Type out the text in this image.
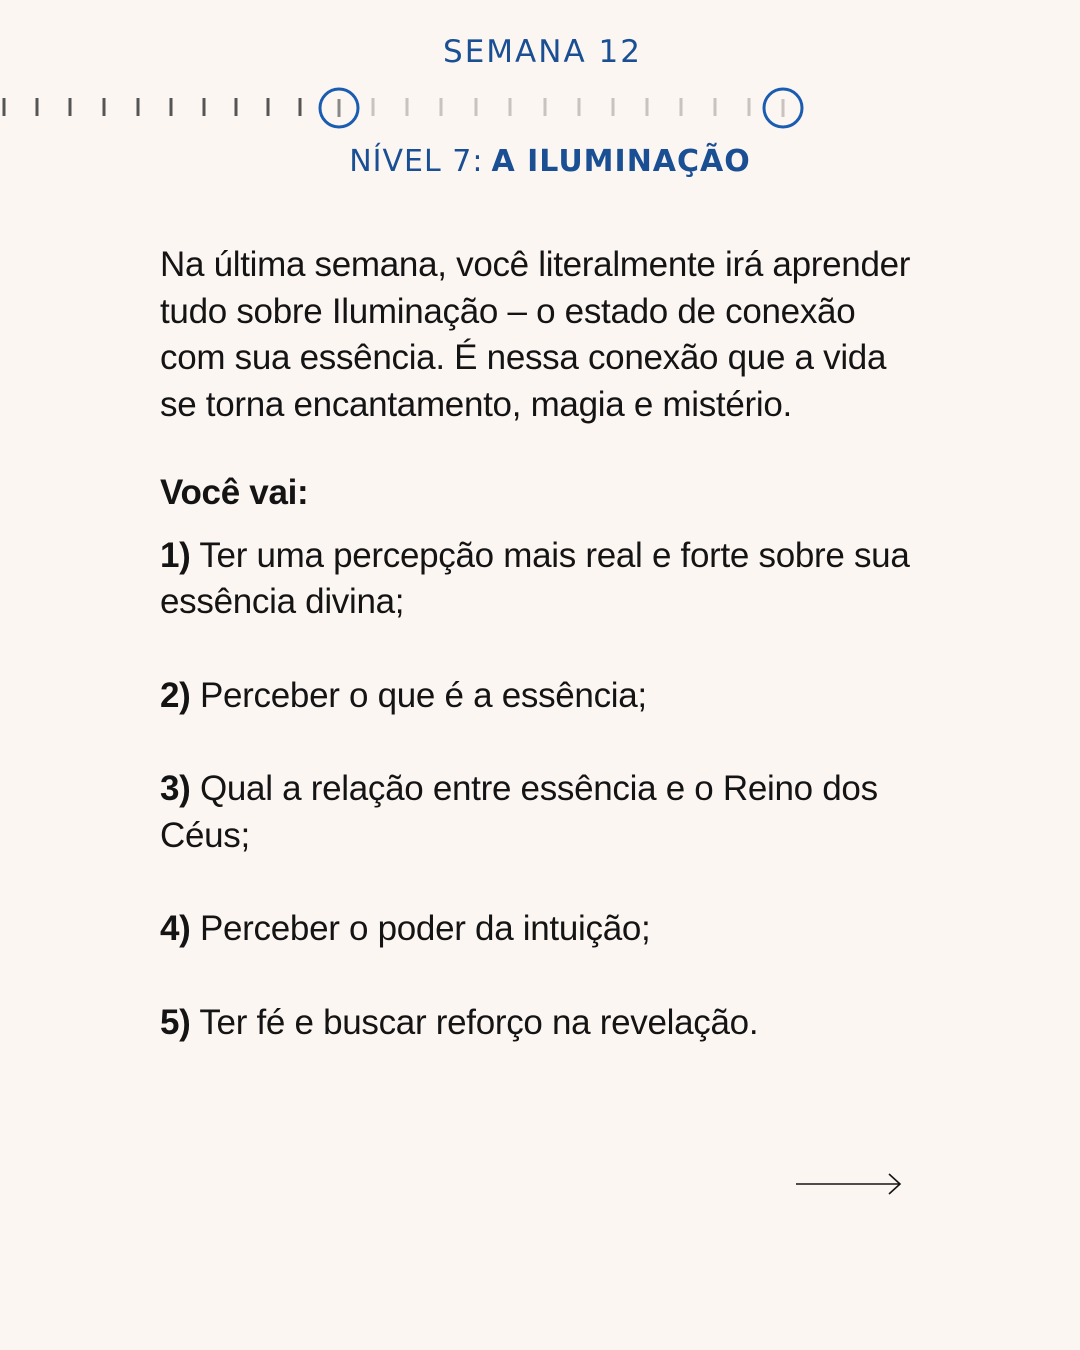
SEMANA 12
NÍVEL 7: A ILUMINAÇÃO

Na última semana, você literalmente irá aprender tudo sobre Iluminação – o estado de conexão com sua essência. É nessa conexão que a vida se torna encantamento, magia e mistério.

Você vai:

1) Ter uma percepção mais real e forte sobre sua essência divina;

2) Perceber o que é a essência;

3) Qual a relação entre essência e o Reino dos Céus;

4) Perceber o poder da intuição;

5) Ter fé e buscar reforço na revelação.
